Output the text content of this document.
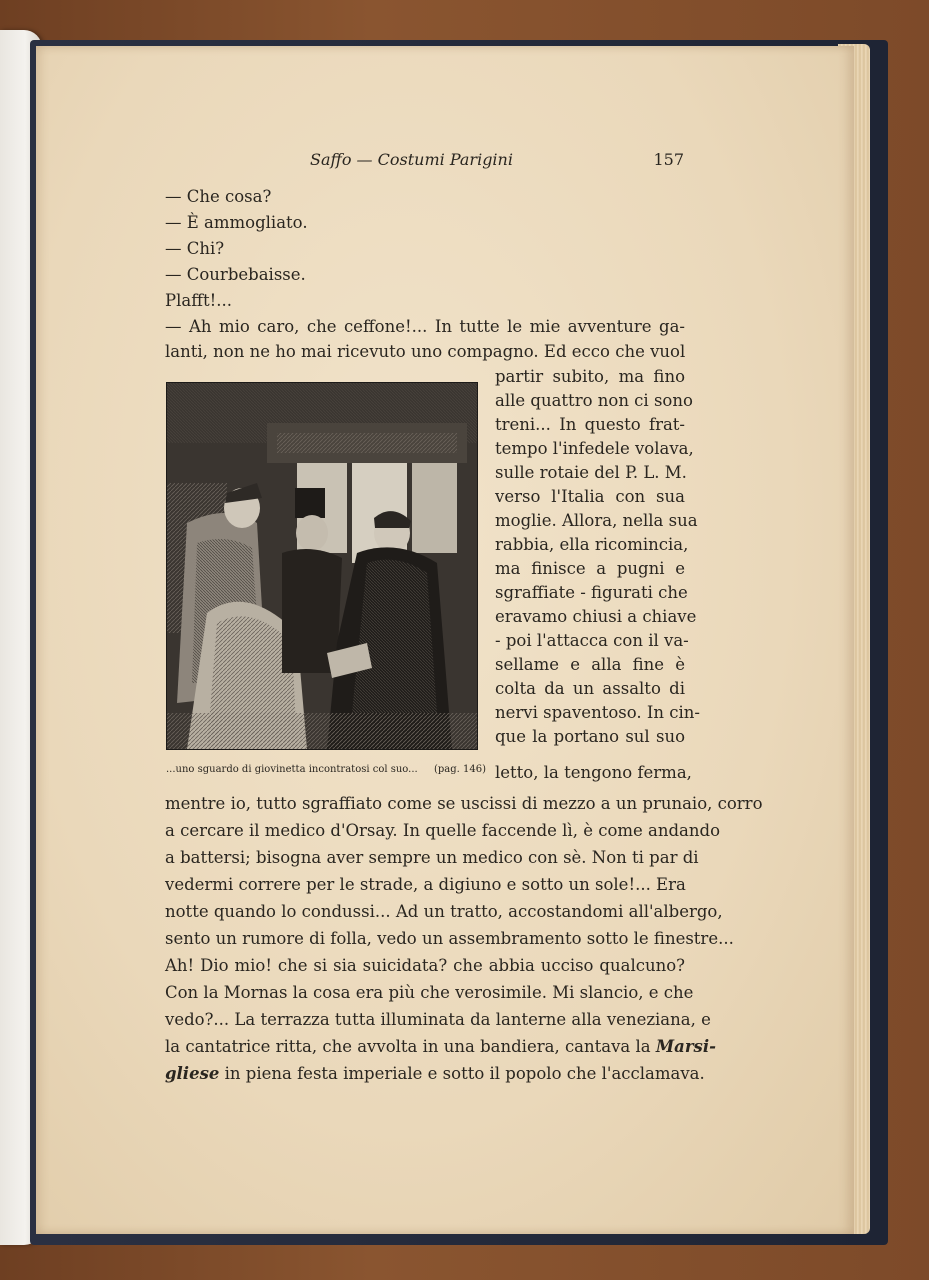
Saffo — Costumi Parigini	157
— Che cosa?
— È ammogliato.
— Chi?
— Courbebaisse.
Plafft!...
— Ah mio caro, che ceffone!... In tutte le mie avventure ga-
lanti, non ne ho mai ricevuto uno compagno. Ed ecco che vuol
...uno sguardo di giovinetta incontratosi col suo... (pag. 146)
partir subito, ma fino
alle quattro non ci sono
treni... In questo frat-
tempo l'infedele volava,
sulle rotaie del P. L. M.
verso l'Italia con sua
moglie. Allora, nella sua
rabbia, ella ricomincia,
ma finisce a pugni e
sgraffiate - figurati che
eravamo chiusi a chiave
- poi l'attacca con il va-
sellame e alla fine è
colta da un assalto di
nervi spaventoso. In cin-
que la portano sul suo
letto, la tengono ferma,
mentre io, tutto sgraffiato come se uscissi di mezzo a un prunaio, corro
a cercare il medico d'Orsay. In quelle faccende lì, è come andando
a battersi; bisogna aver sempre un medico con sè. Non ti par di
vedermi correre per le strade, a digiuno e sotto un sole!... Era
notte quando lo condussi... Ad un tratto, accostandomi all'albergo,
sento un rumore di folla, vedo un assembramento sotto le finestre...
Ah! Dio mio! che si sia suicidata? che abbia ucciso qualcuno?
Con la Mornas la cosa era più che verosimile. Mi slancio, e che
vedo?... La terrazza tutta illuminata da lanterne alla veneziana, e
la cantatrice ritta, che avvolta in una bandiera, cantava la Marsi-
gliese in piena festa imperiale e sotto il popolo che l'acclamava.
